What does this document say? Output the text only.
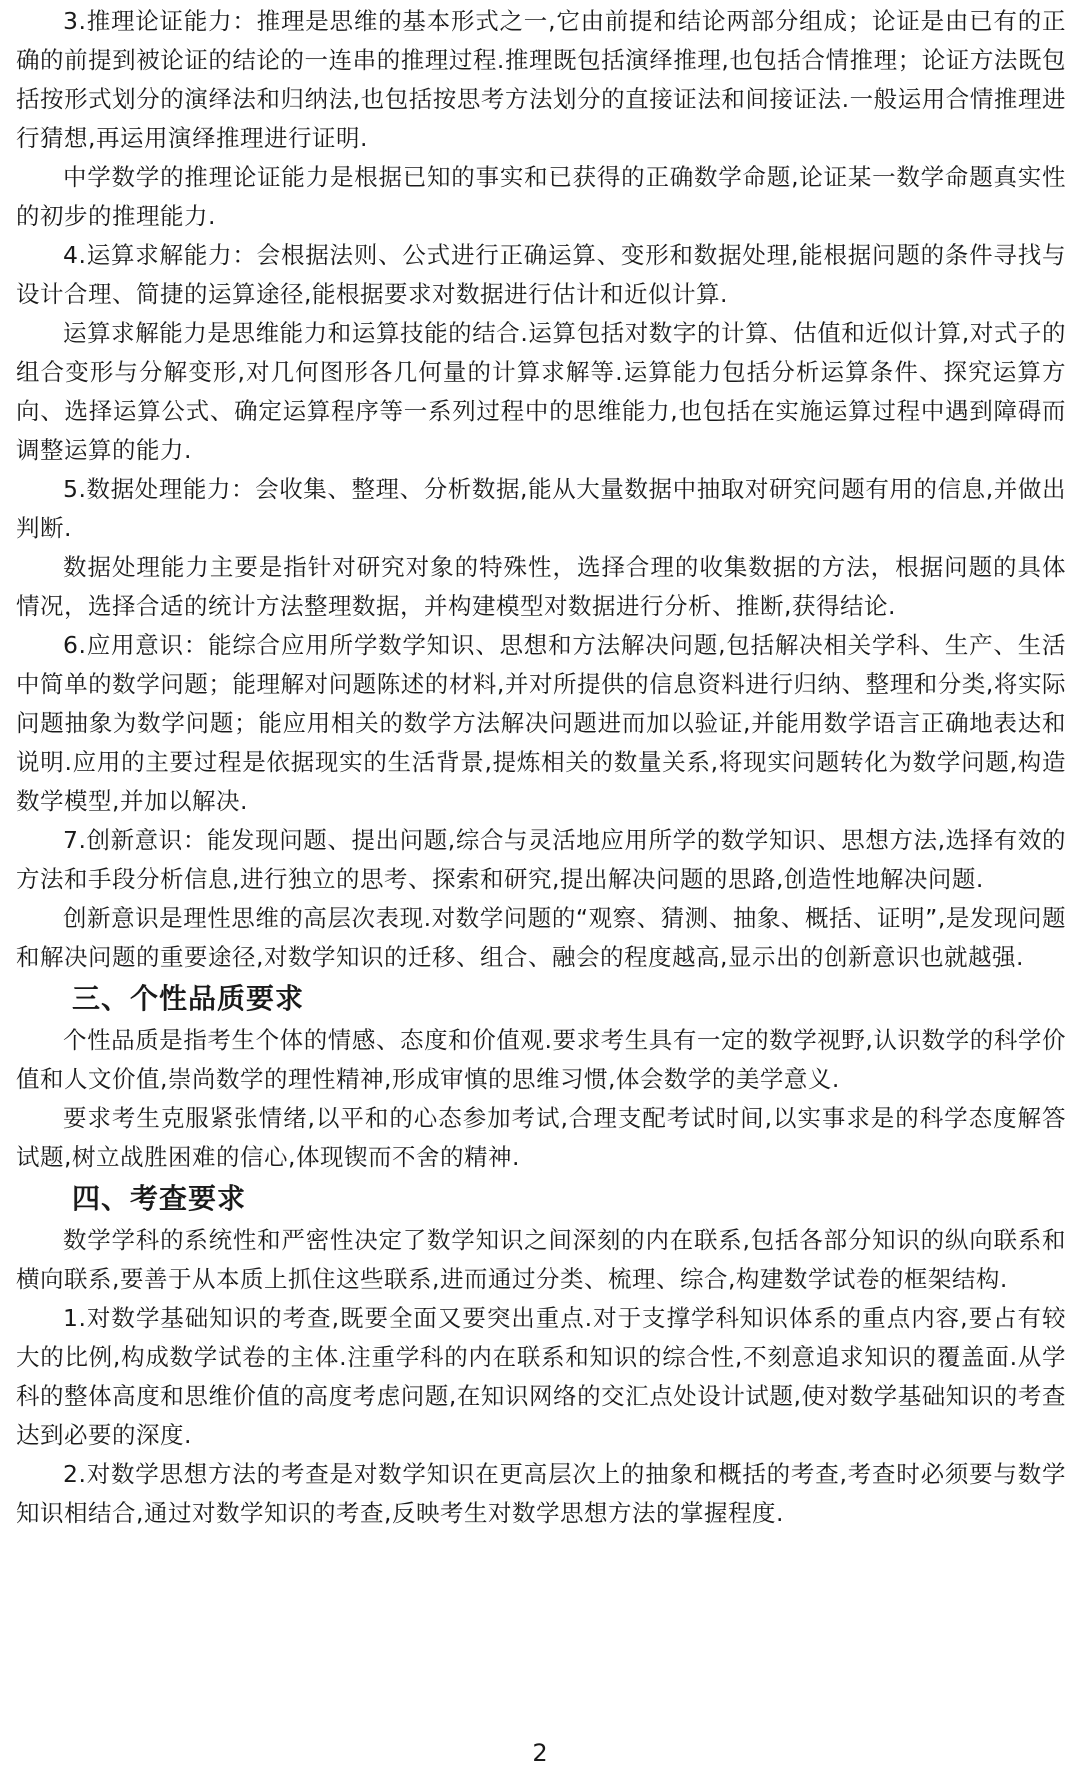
3.推理论证能力：推理是思维的基本形式之一,它由前提和结论两部分组成；论证是由已有的正确的前提到被论证的结论的一连串的推理过程.推理既包括演绎推理,也包括合情推理；论证方法既包括按形式划分的演绎法和归纳法,也包括按思考方法划分的直接证法和间接证法.一般运用合情推理进行猜想,再运用演绎推理进行证明.

中学数学的推理论证能力是根据已知的事实和已获得的正确数学命题,论证某一数学命题真实性的初步的推理能力.

4.运算求解能力：会根据法则、公式进行正确运算、变形和数据处理,能根据问题的条件寻找与设计合理、简捷的运算途径,能根据要求对数据进行估计和近似计算.

运算求解能力是思维能力和运算技能的结合.运算包括对数字的计算、估值和近似计算,对式子的组合变形与分解变形,对几何图形各几何量的计算求解等.运算能力包括分析运算条件、探究运算方向、选择运算公式、确定运算程序等一系列过程中的思维能力,也包括在实施运算过程中遇到障碍而调整运算的能力.

5.数据处理能力：会收集、整理、分析数据,能从大量数据中抽取对研究问题有用的信息,并做出判断.

数据处理能力主要是指针对研究对象的特殊性，选择合理的收集数据的方法，根据问题的具体情况，选择合适的统计方法整理数据，并构建模型对数据进行分析、推断,获得结论.

6.应用意识：能综合应用所学数学知识、思想和方法解决问题,包括解决相关学科、生产、生活中简单的数学问题；能理解对问题陈述的材料,并对所提供的信息资料进行归纳、整理和分类,将实际问题抽象为数学问题；能应用相关的数学方法解决问题进而加以验证,并能用数学语言正确地表达和说明.应用的主要过程是依据现实的生活背景,提炼相关的数量关系,将现实问题转化为数学问题,构造数学模型,并加以解决.

7.创新意识：能发现问题、提出问题,综合与灵活地应用所学的数学知识、思想方法,选择有效的方法和手段分析信息,进行独立的思考、探索和研究,提出解决问题的思路,创造性地解决问题.

创新意识是理性思维的高层次表现.对数学问题的“观察、猜测、抽象、概括、证明”,是发现问题和解决问题的重要途径,对数学知识的迁移、组合、融会的程度越高,显示出的创新意识也就越强.

三、个性品质要求

个性品质是指考生个体的情感、态度和价值观.要求考生具有一定的数学视野,认识数学的科学价值和人文价值,崇尚数学的理性精神,形成审慎的思维习惯,体会数学的美学意义.

要求考生克服紧张情绪,以平和的心态参加考试,合理支配考试时间,以实事求是的科学态度解答试题,树立战胜困难的信心,体现锲而不舍的精神.

四、考查要求

数学学科的系统性和严密性决定了数学知识之间深刻的内在联系,包括各部分知识的纵向联系和横向联系,要善于从本质上抓住这些联系,进而通过分类、梳理、综合,构建数学试卷的框架结构.

1.对数学基础知识的考查,既要全面又要突出重点.对于支撑学科知识体系的重点内容,要占有较大的比例,构成数学试卷的主体.注重学科的内在联系和知识的综合性,不刻意追求知识的覆盖面.从学科的整体高度和思维价值的高度考虑问题,在知识网络的交汇点处设计试题,使对数学基础知识的考查达到必要的深度.

2.对数学思想方法的考查是对数学知识在更高层次上的抽象和概括的考查,考查时必须要与数学知识相结合,通过对数学知识的考查,反映考生对数学思想方法的掌握程度.

2
